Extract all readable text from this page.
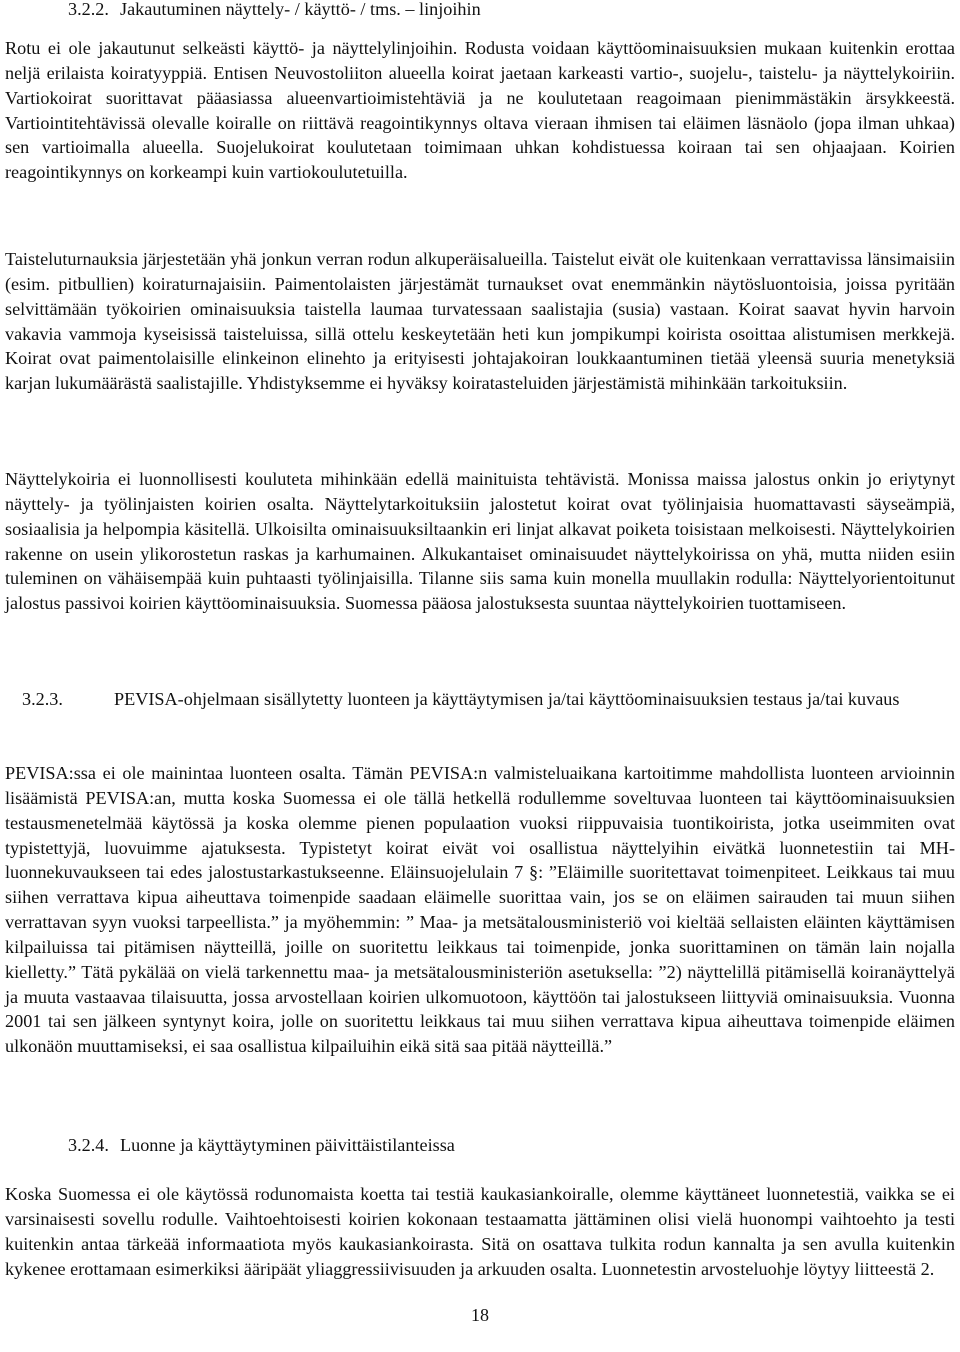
3.2.2. Jakautuminen näyttely- / käyttö- / tms. – linjoihin

Rotu ei ole jakautunut selkeästi käyttö- ja näyttelylinjoihin. Rodusta voidaan käyttöominaisuuksien mukaan kuitenkin erottaa neljä erilaista koiratyyppiä. Entisen Neuvostoliiton alueella koirat jaetaan karkeasti vartio-, suojelu-, taistelu- ja näyttelykoiriin. Vartiokoirat suorittavat pääasiassa alueenvartioimistehtäviä ja ne koulutetaan reagoimaan pienimmästäkin ärsykkeestä. Vartiointitehtävissä olevalle koiralle on riittävä reagointikynnys oltava vieraan ihmisen tai eläimen läsnäolo (jopa ilman uhkaa) sen vartioimalla alueella. Suojelukoirat koulutetaan toimimaan uhkan kohdistuessa koiraan tai sen ohjaajaan. Koirien reagointikynnys on korkeampi kuin vartiokoulutetuilla.

Taisteluturnauksia järjestetään yhä jonkun verran rodun alkuperäisalueilla. Taistelut eivät ole kuitenkaan verrattavissa länsimaisiin (esim. pitbullien) koiraturnajaisiin. Paimentolaisten järjestämät turnaukset ovat enemmänkin näytösluontoisia, joissa pyritään selvittämään työkoirien ominaisuuksia taistella laumaa turvatessaan saalistajia (susia) vastaan. Koirat saavat hyvin harvoin vakavia vammoja kyseisissä taisteluissa, sillä ottelu keskeytetään heti kun jompikumpi koirista osoittaa alistumisen merkkejä. Koirat ovat paimentolaisille elinkeinon elinehto ja erityisesti johtajakoiran loukkaantuminen tietää yleensä suuria menetyksiä karjan lukumäärästä saalistajille. Yhdistyksemme ei hyväksy koiratasteluiden järjestämistä mihinkään tarkoituksiin.

Näyttelykoiria ei luonnollisesti kouluteta mihinkään edellä mainituista tehtävistä. Monissa maissa jalostus onkin jo eriytynyt näyttely- ja työlinjaisten koirien osalta. Näyttelytarkoituksiin jalostetut koirat ovat työlinjaisia huomattavasti säyseämpiä, sosiaalisia ja helpompia käsitellä. Ulkoisilta ominaisuuksiltaankin eri linjat alkavat poiketa toisistaan melkoisesti. Näyttelykoirien rakenne on usein ylikorostetun raskas ja karhumainen. Alkukantaiset ominaisuudet näyttelykoirissa on yhä, mutta niiden esiin tuleminen on vähäisempää kuin puhtaasti työlinjaisilla. Tilanne siis sama kuin monella muullakin rodulla: Näyttelyorientoitunut jalostus passivoi koirien käyttöominaisuuksia. Suomessa pääosa jalostuksesta suuntaa näyttelykoirien tuottamiseen.

3.2.3.	PEVISA-ohjelmaan sisällytetty luonteen ja käyttäytymisen ja/tai käyttöominaisuuksien testaus ja/tai kuvaus

PEVISA:ssa ei ole mainintaa luonteen osalta. Tämän PEVISA:n valmisteluaikana kartoitimme mahdollista luonteen arvioinnin lisäämistä PEVISA:an, mutta koska Suomessa ei ole tällä hetkellä rodullemme soveltuvaa luonteen tai käyttöominaisuuksien testausmenetelmää käytössä ja koska olemme pienen populaation vuoksi riippuvaisia tuontikoirista, jotka useimmiten ovat typistettyjä, luovuimme ajatuksesta. Typistetyt koirat eivät voi osallistua näyttelyihin eivätkä luonnetestiin tai MH-luonnekuvaukseen tai edes jalostustarkastukseenne. Eläinsuojelulain 7 §: ”Eläimille suoritettavat toimenpiteet. Leikkaus tai muu siihen verrattava kipua aiheuttava toimenpide saadaan eläimelle suorittaa vain, jos se on eläimen sairauden tai muun siihen verrattavan syyn vuoksi tarpeellista.” ja myöhemmin: ” Maa- ja metsätalousministeriö voi kieltää sellaisten eläinten käyttämisen kilpailuissa tai pitämisen näytteillä, joille on suoritettu leikkaus tai toimenpide, jonka suorittaminen on tämän lain nojalla kielletty.” Tätä pykälää on vielä tarkennettu maa- ja metsätalousministeriön asetuksella: ”2) näyttelillä pitämisellä koiranäyttelyä ja muuta vastaavaa tilaisuutta, jossa arvostellaan koirien ulkomuotoon, käyttöön tai jalostukseen liittyviä ominaisuuksia. Vuonna 2001 tai sen jälkeen syntynyt koira, jolle on suoritettu leikkaus tai muu siihen verrattava kipua aiheuttava toimenpide eläimen ulkonäön muuttamiseksi, ei saa osallistua kilpailuihin eikä sitä saa pitää näytteillä.”

3.2.4. Luonne ja käyttäytyminen päivittäistilanteissa

Koska Suomessa ei ole käytössä rodunomaista koetta tai testiä kaukasiankoiralle, olemme käyttäneet luonnetestiä, vaikka se ei varsinaisesti sovellu rodulle. Vaihtoehtoisesti koirien kokonaan testaamatta jättäminen olisi vielä huonompi vaihtoehto ja testi kuitenkin antaa tärkeää informaatiota myös kaukasiankoirasta. Sitä on osattava tulkita rodun kannalta ja sen avulla kuitenkin kykenee erottamaan esimerkiksi ääripäät yliaggressiivisuuden ja arkuuden osalta. Luonnetestin arvosteluohje löytyy liitteestä 2.

18
